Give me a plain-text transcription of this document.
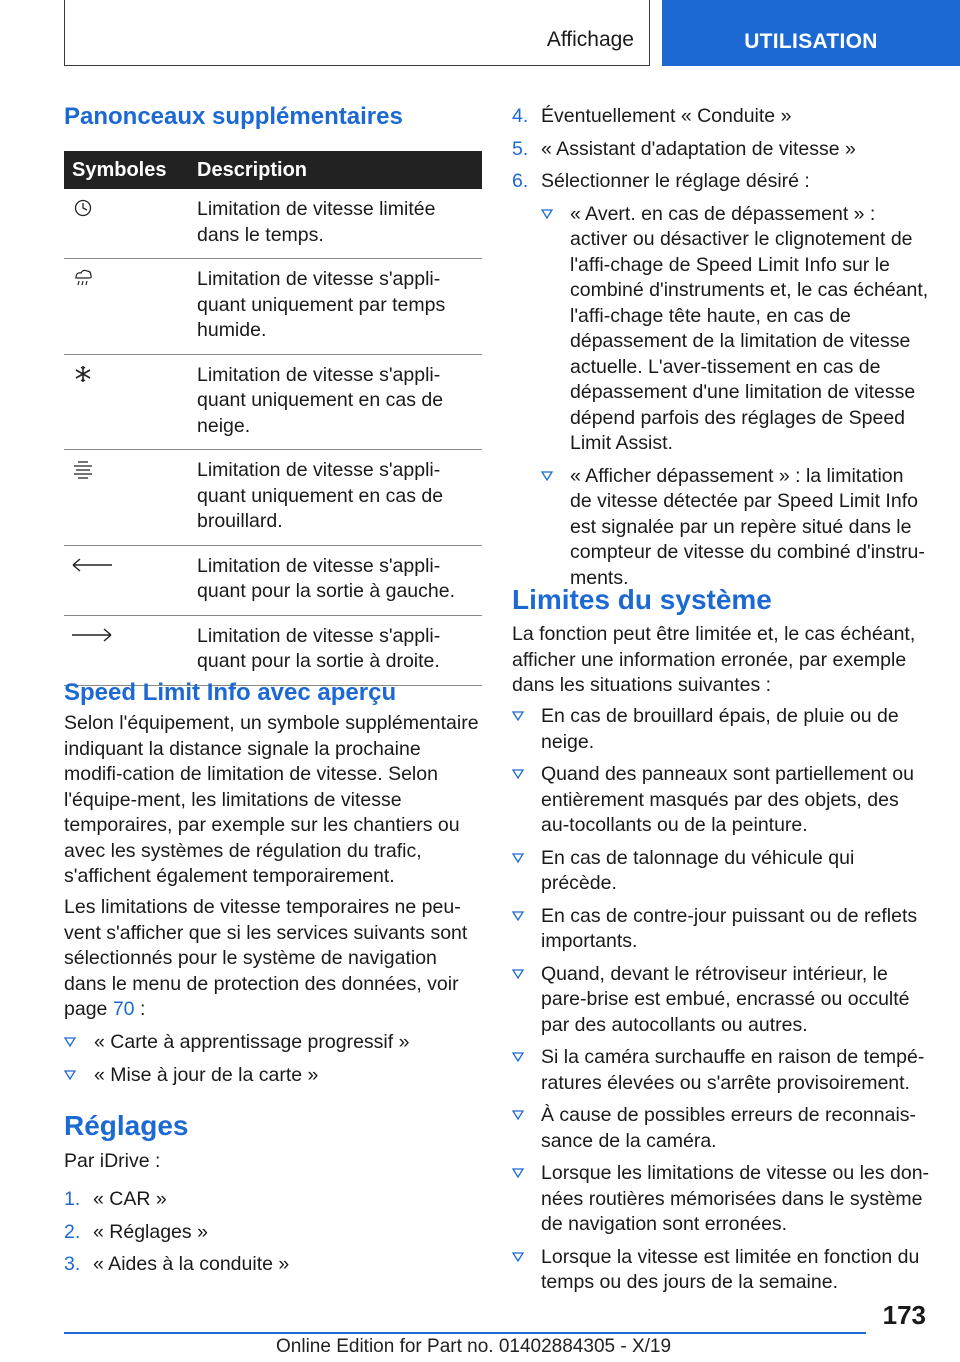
Affichage	UTILISATION
Panonceaux supplémentaires
Symboles Description
Limitation de vitesse limitée dans le temps.
Limitation de vitesse s'appli-quant uniquement par temps humide.
Limitation de vitesse s'appli-quant uniquement en cas de neige.
Limitation de vitesse s'appli-quant uniquement en cas de brouillard.
Limitation de vitesse s'appli-quant pour la sortie à gauche.
Limitation de vitesse s'appli-quant pour la sortie à droite.
Speed Limit Info avec aperçu

Selon l'équipement, un symbole supplémentaire indiquant la distance signale la prochaine modifi-cation de limitation de vitesse. Selon l'équipe-ment, les limitations de vitesse temporaires, par exemple sur les chantiers ou avec les systèmes de régulation du trafic, s'affichent également temporairement.

Les limitations de vitesse temporaires ne peu-vent s'afficher que si les services suivants sont sélectionnés pour le système de navigation dans le menu de protection des données, voir page 70 :

« Carte à apprentissage progressif »
« Mise à jour de la carte »
Réglages

Par iDrive :

1. « CAR »
2. « Réglages »
3. « Aides à la conduite »
4. Éventuellement « Conduite »
5. « Assistant d'adaptation de vitesse »
6. Sélectionner le réglage désiré :
« Avert. en cas de dépassement » : activer ou désactiver le clignotement de l'affi-chage de Speed Limit Info sur le combiné d'instruments et, le cas échéant, l'affi-chage tête haute, en cas de dépassement de la limitation de vitesse actuelle. L'aver-tissement en cas de dépassement d'une limitation de vitesse dépend parfois des réglages de Speed Limit Assist.
« Afficher dépassement » : la limitation de vitesse détectée par Speed Limit Info est signalée par un repère situé dans le compteur de vitesse du combiné d'instru-ments.
Limites du système

La fonction peut être limitée et, le cas échéant, afficher une information erronée, par exemple dans les situations suivantes :

En cas de brouillard épais, de pluie ou de neige.
Quand des panneaux sont partiellement ou entièrement masqués par des objets, des au-tocollants ou de la peinture.
En cas de talonnage du véhicule qui précède.
En cas de contre-jour puissant ou de reflets importants.
Quand, devant le rétroviseur intérieur, le pare-brise est embué, encrassé ou occulté par des autocollants ou autres.
Si la caméra surchauffe en raison de tempé-ratures élevées ou s'arrête provisoirement.
À cause de possibles erreurs de reconnais-sance de la caméra.
Lorsque les limitations de vitesse ou les don-nées routières mémorisées dans le système de navigation sont erronées.
Lorsque la vitesse est limitée en fonction du temps ou des jours de la semaine.
173
Online Edition for Part no. 01402884305 - X/19
